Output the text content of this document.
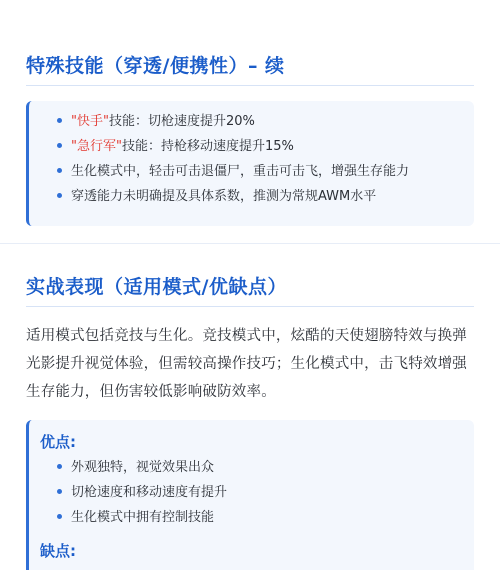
特殊技能（穿透/便携性）– 续
"快手"技能：切枪速度提升20%
"急行军"技能：持枪移动速度提升15%
生化模式中，轻击可击退僵尸，重击可击飞，增强生存能力
穿透能力未明确提及具体系数，推测为常规AWM水平
实战表现（适用模式/优缺点）

适用模式包括竞技与生化。竞技模式中，炫酷的天使翅膀特效与换弹光影提升视觉体验，但需较高操作技巧；生化模式中，击飞特效增强生存能力，但伤害较低影响破防效率。

外观独特，视觉效果出众
切枪速度和移动速度有提升
生化模式中拥有控制技能
优点:
缺点:
